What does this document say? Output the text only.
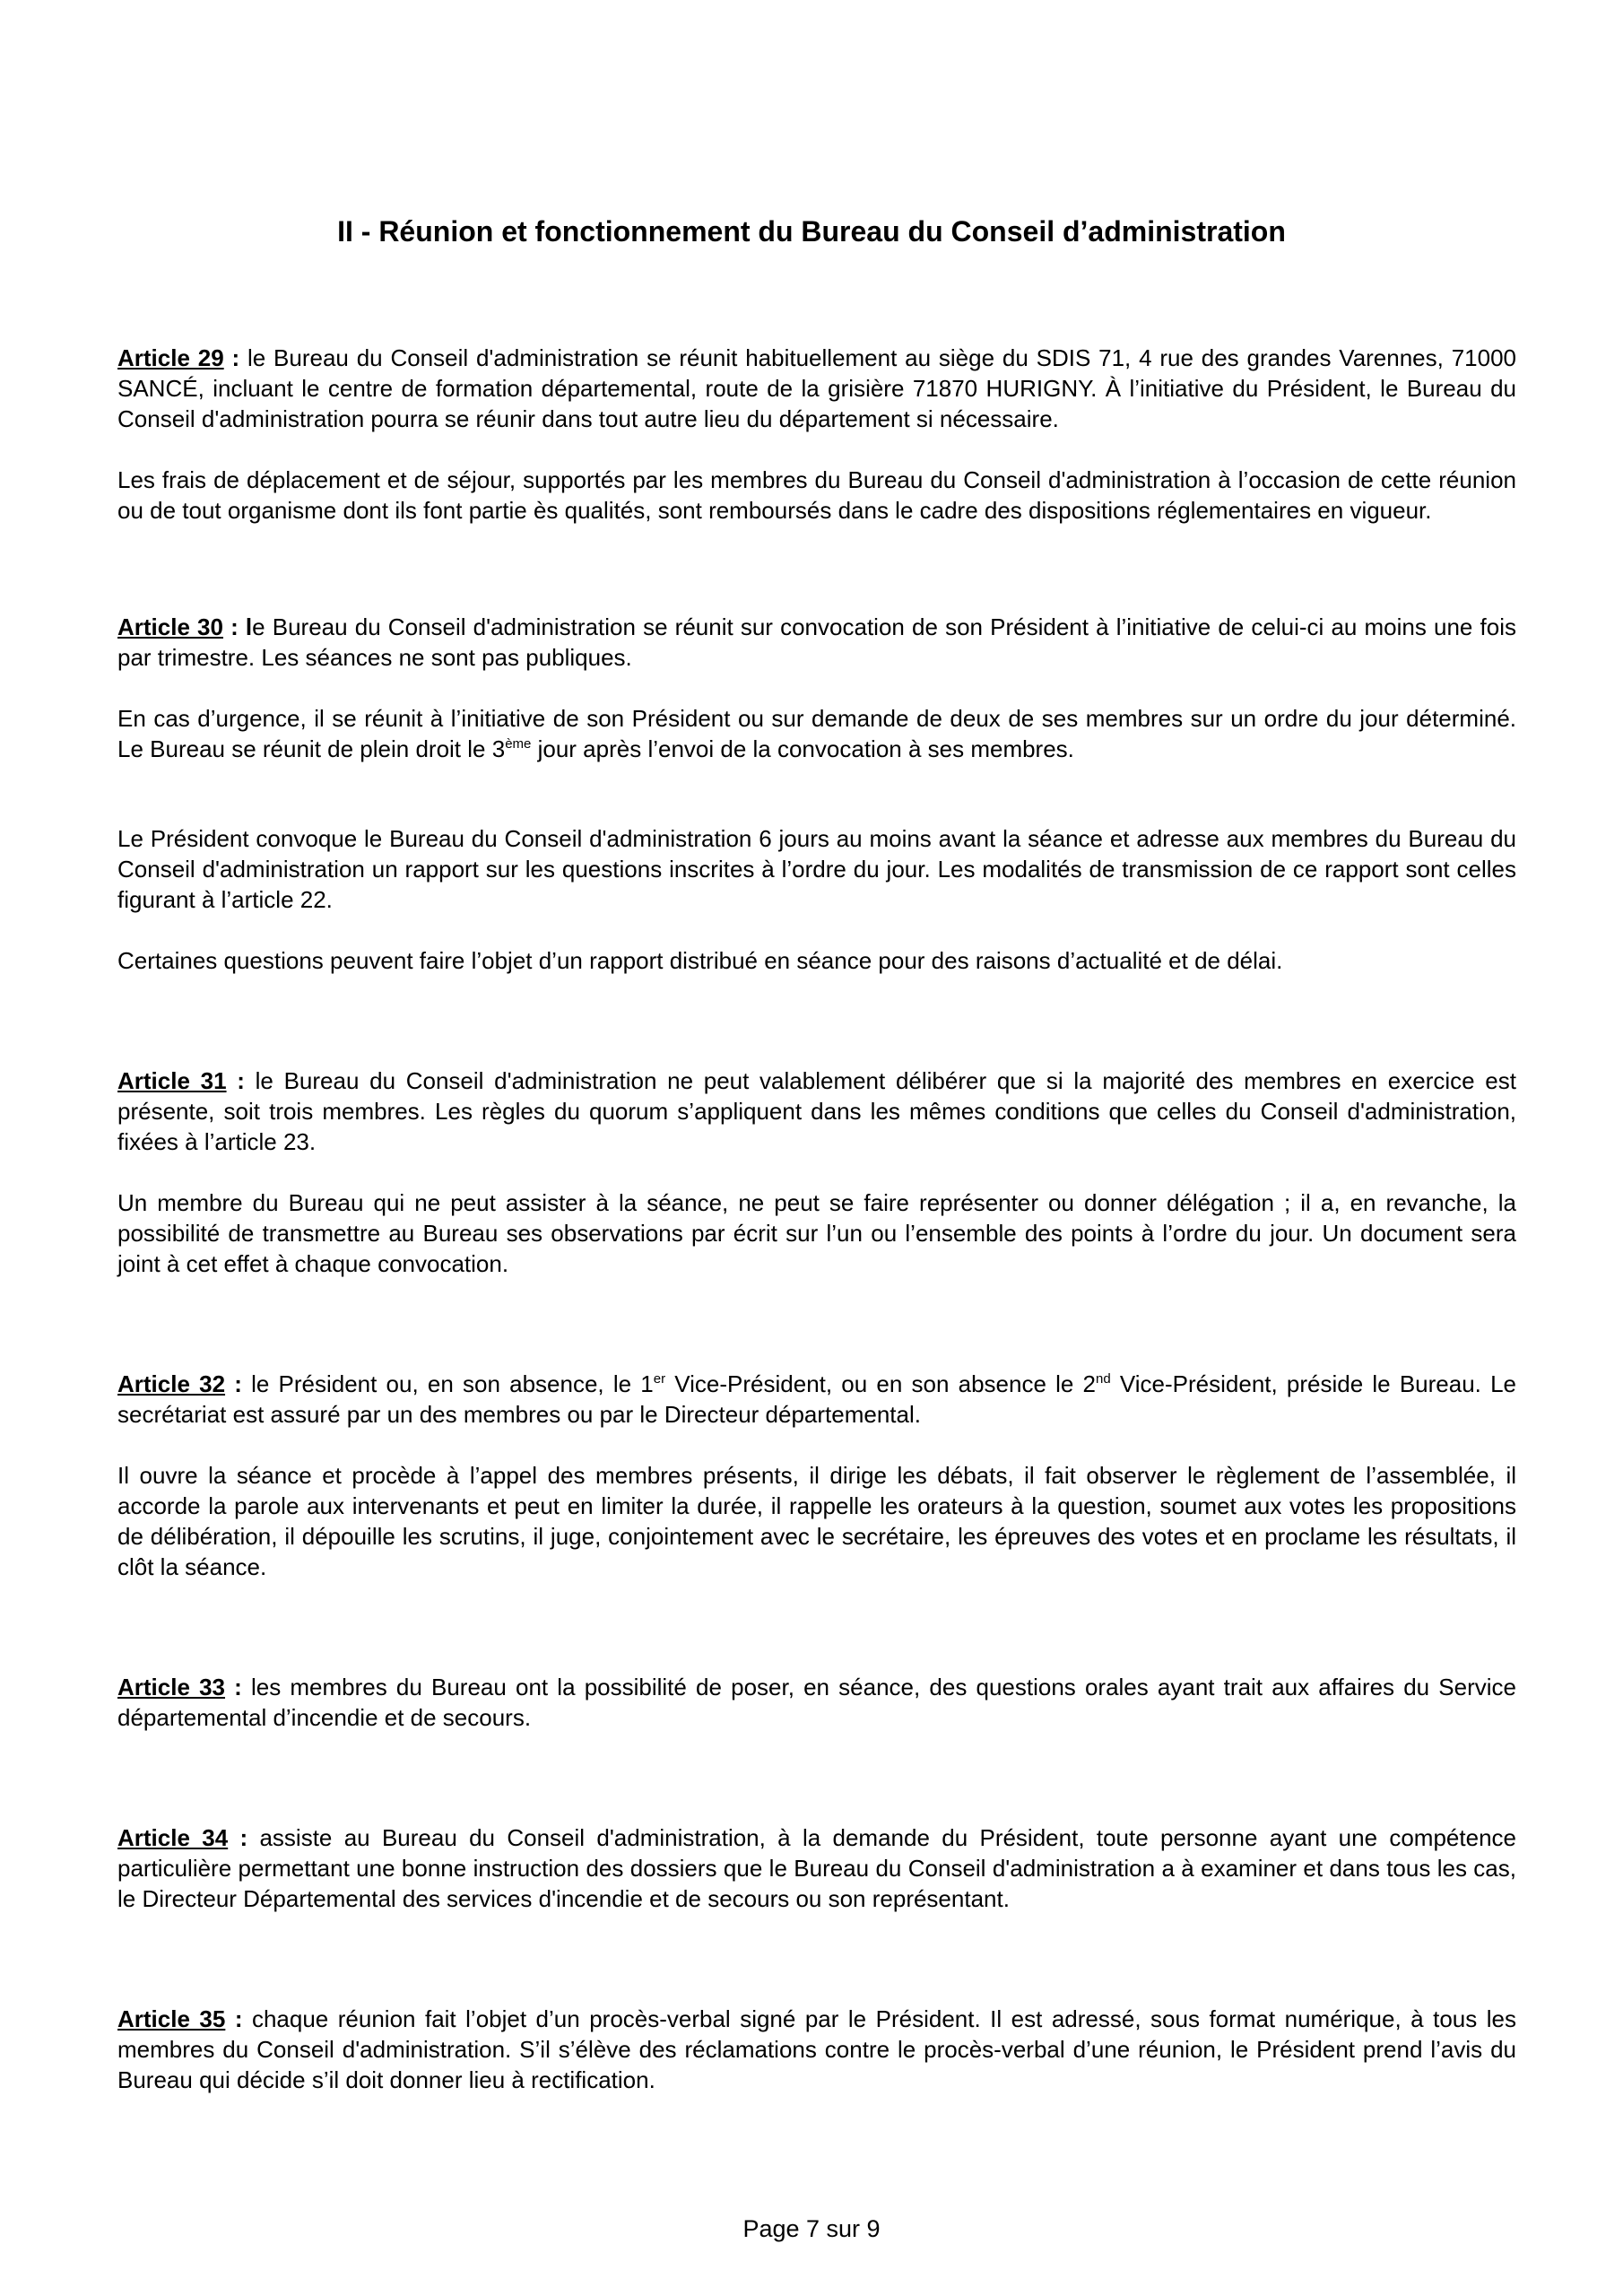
II - Réunion et fonctionnement du Bureau du Conseil d’administration

Article 29 : le Bureau du Conseil d'administration se réunit habituellement au siège du SDIS 71, 4 rue des grandes Varennes, 71000 SANCÉ, incluant le centre de formation départemental, route de la grisière 71870 HURIGNY. À l’initiative du Président, le Bureau du Conseil d'administration pourra se réunir dans tout autre lieu du département si nécessaire.

Les frais de déplacement et de séjour, supportés par les membres du Bureau du Conseil d'administration à l’occasion de cette réunion ou de tout organisme dont ils font partie ès qualités, sont remboursés dans le cadre des dispositions réglementaires en vigueur.

Article 30 : le Bureau du Conseil d'administration se réunit sur convocation de son Président à l’initiative de celui-ci au moins une fois par trimestre. Les séances ne sont pas publiques.

En cas d’urgence, il se réunit à l’initiative de son Président ou sur demande de deux de ses membres sur un ordre du jour déterminé. Le Bureau se réunit de plein droit le 3ème jour après l’envoi de la convocation à ses membres.

Le Président convoque le Bureau du Conseil d'administration 6 jours au moins avant la séance et adresse aux membres du Bureau du Conseil d'administration un rapport sur les questions inscrites à l’ordre du jour. Les modalités de transmission de ce rapport sont celles figurant à l’article 22.

Certaines questions peuvent faire l’objet d’un rapport distribué en séance pour des raisons d’actualité et de délai.

Article 31 : le Bureau du Conseil d'administration ne peut valablement délibérer que si la majorité des membres en exercice est présente, soit trois membres. Les règles du quorum s’appliquent dans les mêmes conditions que celles du Conseil d'administration, fixées à l’article 23.

Un membre du Bureau qui ne peut assister à la séance, ne peut se faire représenter ou donner délégation ; il a, en revanche, la possibilité de transmettre au Bureau ses observations par écrit sur l’un ou l’ensemble des points à l’ordre du jour. Un document sera joint à cet effet à chaque convocation.

Article 32 : le Président ou, en son absence, le 1er Vice-Président, ou en son absence le 2nd Vice-Président, préside le Bureau. Le secrétariat est assuré par un des membres ou par le Directeur départemental.

Il ouvre la séance et procède à l’appel des membres présents, il dirige les débats, il fait observer le règlement de l’assemblée, il accorde la parole aux intervenants et peut en limiter la durée, il rappelle les orateurs à la question, soumet aux votes les propositions de délibération, il dépouille les scrutins, il juge, conjointement avec le secrétaire, les épreuves des votes et en proclame les résultats, il clôt la séance.

Article 33 : les membres du Bureau ont la possibilité de poser, en séance, des questions orales ayant trait aux affaires du Service départemental d’incendie et de secours.

Article 34 : assiste au Bureau du Conseil d'administration, à la demande du Président, toute personne ayant une compétence particulière permettant une bonne instruction des dossiers que le Bureau du Conseil d'administration a à examiner et dans tous les cas, le Directeur Départemental des services d'incendie et de secours ou son représentant.

Article 35 : chaque réunion fait l’objet d’un procès-verbal signé par le Président. Il est adressé, sous format numérique, à tous les membres du Conseil d'administration. S’il s’élève des réclamations contre le procès-verbal d’une réunion, le Président prend l’avis du Bureau qui décide s’il doit donner lieu à rectification.

Page 7 sur 9
